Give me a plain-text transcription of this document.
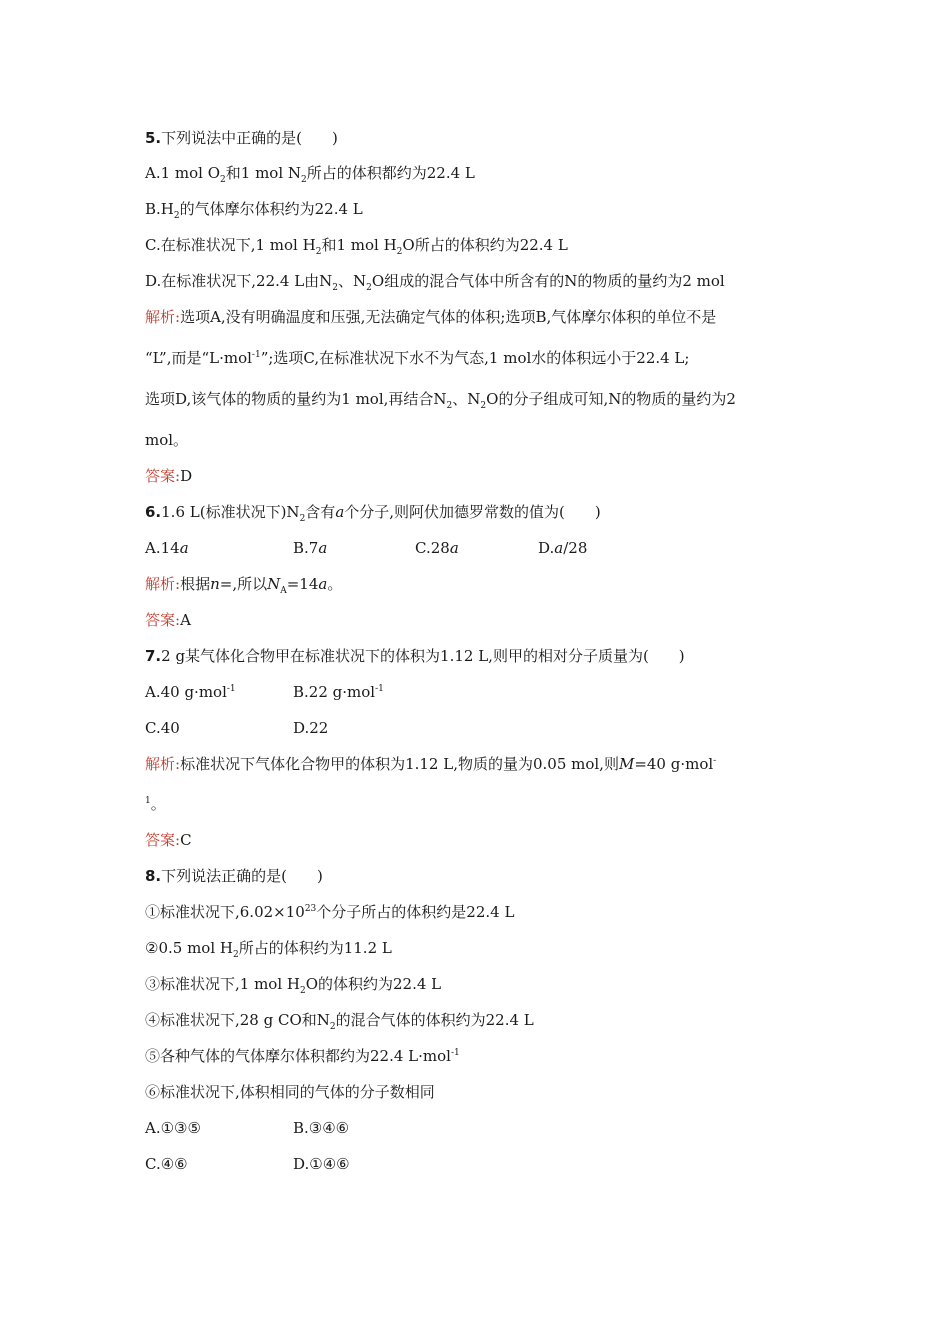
5.下列说法中正确的是(　　)
A.1 mol $O_2$和1 mol $N_2$所占的体积都约为22.4 L
$B.H_2$的气体摩尔体积约为22.4 L
C.在标准状况下,1 mol $H_2$和1 mol $H_2O$所占的体积约为22.4 L
D.在标准状况下,22.4 L由$N_2$、$N_2O$组成的混合气体中所含有的N的物质的量约为2 mol
解析:选项A,没有明确温度和压强,无法确定气体的体积;选项B,气体摩尔体积的单位不是
“L”,而是“L·mol$^{-1}$”;选项C,在标准状况下水不为气态,1 mol水的体积远小于22.4 L;
选项D,该气体的物质的量约为1 mol,再结合$N_2$、$N_2O$的分子组成可知,N的物质的量约为2
mol。
答案:D
6.1.6 L(标准状况下)$N_2$含有a个分子,则阿伏加德罗常数的值为(　　)
A.14a	B.7a	C.28a	D.a/28
解析:根据n=,所以$N_A=14a$。
答案:A
7.2 g某气体化合物甲在标准状况下的体积为1.12 L,则甲的相对分子质量为(　　)
A.40 g·mol$^{-1}$	B.22 g·mol$^{-1}$
C.40	D.22
解析:标准状况下气体化合物甲的体积为1.12 L,物质的量为0.05 mol,则M=40 g·mol-
$^1$。
答案:C
8.下列说法正确的是(　　)
①标准状况下$,6.02\times 10^{23}$个分子所占的体积约是22.4 L
②0.5 mol $H_2$所占的体积约为11.2 L
③标准状况下,1 mol $H_2O$的体积约为22.4 L
④标准状况下,28 g CO和$N_2$的混合气体的体积约为22.4 L
⑤各种气体的气体摩尔体积都约为22.4 L·mol$^{-1}$
⑥标准状况下,体积相同的气体的分子数相同
A.①③⑤	B.③④⑥
C.④⑥	D.①④⑥
